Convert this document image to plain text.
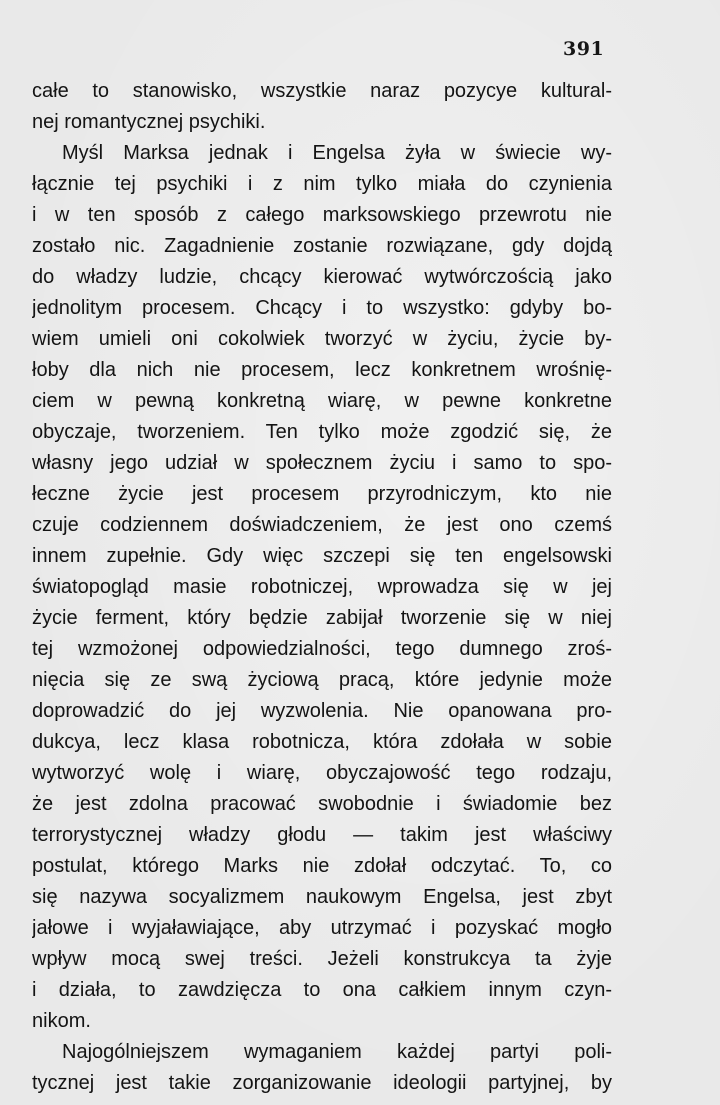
391
całe to stanowisko, wszystkie naraz pozycye kultural-
nej romantycznej psychiki.
Myśl Marksa jednak i Engelsa żyła w świecie wy-
łącznie tej psychiki i z nim tylko miała do czynienia
i w ten sposób z całego marksowskiego przewrotu nie
zostało nic. Zagadnienie zostanie rozwiązane, gdy dojdą
do władzy ludzie, chcący kierować wytwórczością jako
jednolitym procesem. Chcący i to wszystko: gdyby bo-
wiem umieli oni cokolwiek tworzyć w życiu, życie by-
łoby dla nich nie procesem, lecz konkretnem wrośnię-
ciem w pewną konkretną wiarę, w pewne konkretne
obyczaje, tworzeniem. Ten tylko może zgodzić się, że
własny jego udział w społecznem życiu i samo to spo-
łeczne życie jest procesem przyrodniczym, kto nie
czuje codziennem doświadczeniem, że jest ono czemś
innem zupełnie. Gdy więc szczepi się ten engelsowski
światopogląd masie robotniczej, wprowadza się w jej
życie ferment, który będzie zabijał tworzenie się w niej
tej wzmożonej odpowiedzialności, tego dumnego zroś-
nięcia się ze swą życiową pracą, które jedynie może
doprowadzić do jej wyzwolenia. Nie opanowana pro-
dukcya, lecz klasa robotnicza, która zdołała w sobie
wytworzyć wolę i wiarę, obyczajowość tego rodzaju,
że jest zdolna pracować swobodnie i świadomie bez
terrorystycznej władzy głodu — takim jest właściwy
postulat, którego Marks nie zdołał odczytać. To, co
się nazywa socyalizmem naukowym Engelsa, jest zbyt
jałowe i wyjaławiające, aby utrzymać i pozyskać mogło
wpływ mocą swej treści. Jeżeli konstrukcya ta żyje
i działa, to zawdzięcza to ona całkiem innym czyn-
nikom.
Najogólniejszem wymaganiem każdej partyi poli-
tycznej jest takie zorganizowanie ideologii partyjnej, by
